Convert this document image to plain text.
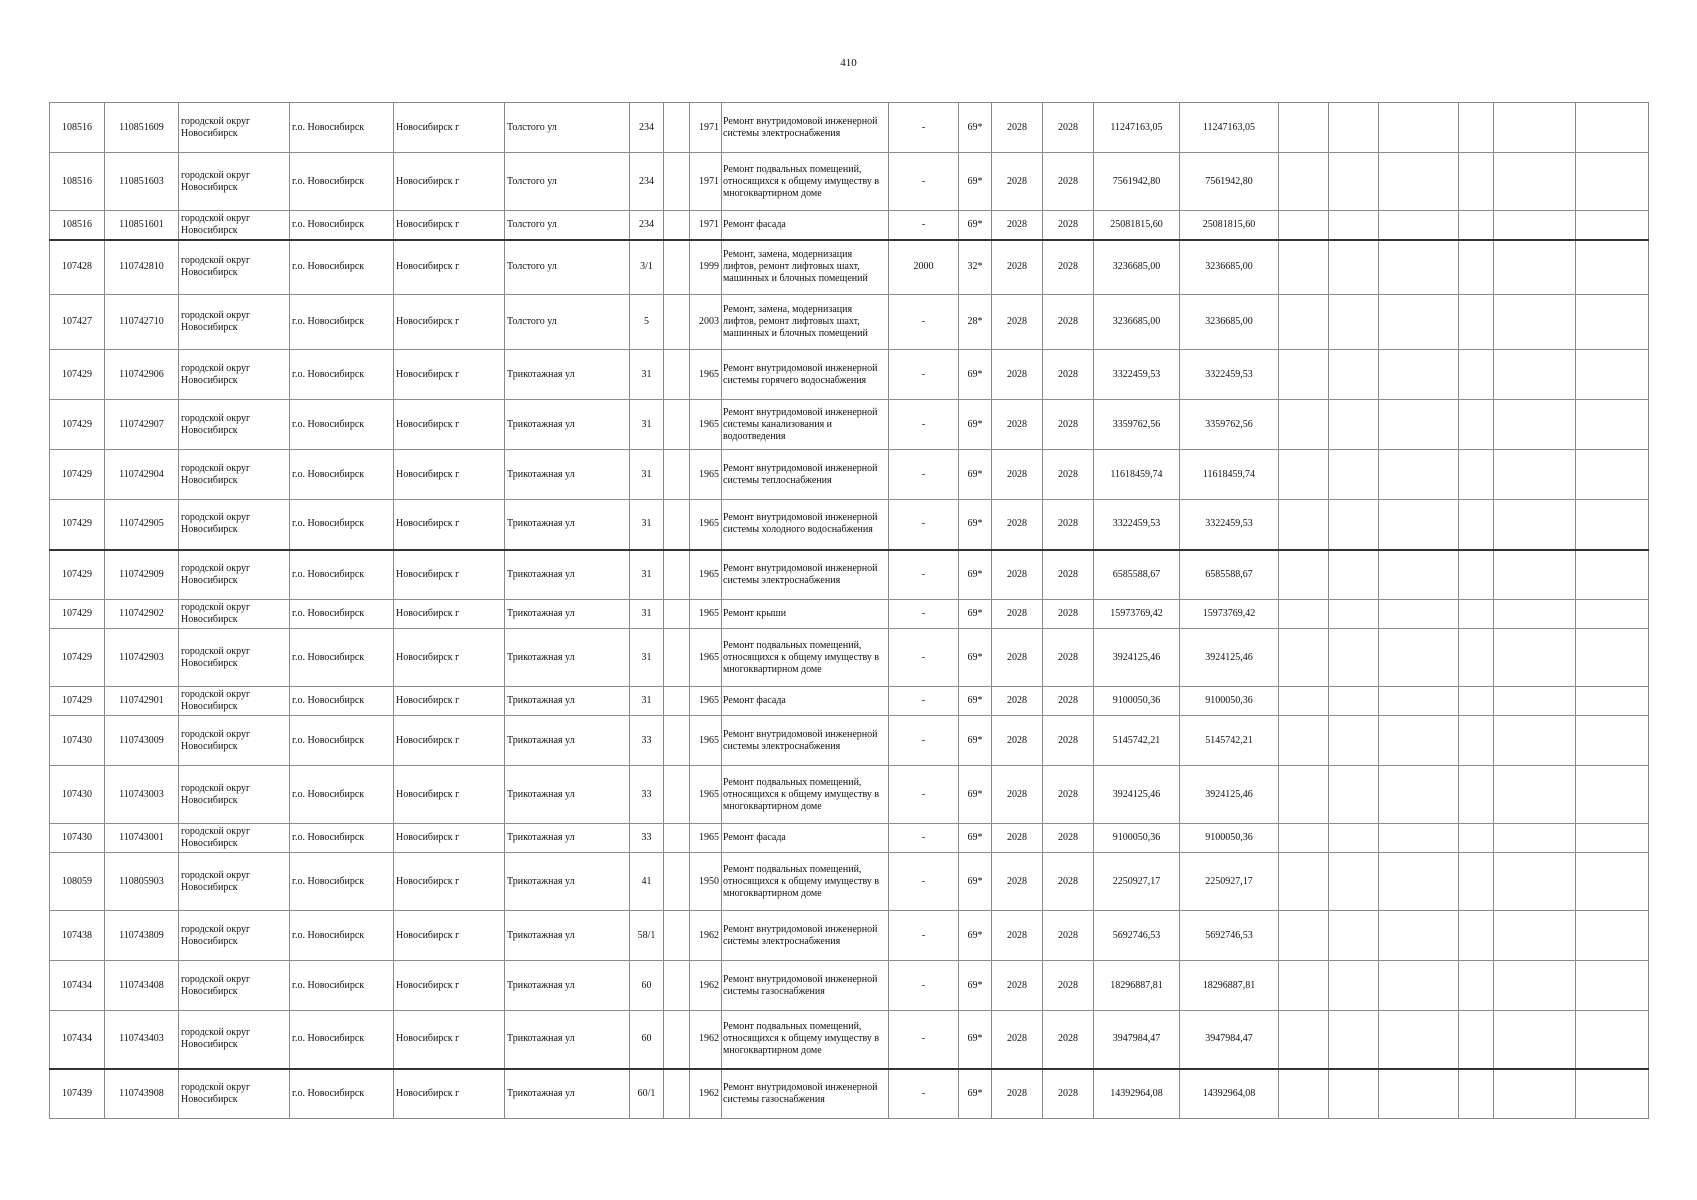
410
108516	110851609	городской округ Новосибирск	г.о. Новосибирск	Новосибирск г	Толстого ул	234		1971	Ремонт внутридомовой инженерной системы электроснабжения	-	69*	2028	2028	11247163,05	11247163,05						
108516	110851603	городской округ Новосибирск	г.о. Новосибирск	Новосибирск г	Толстого ул	234		1971	Ремонт подвальных помещений, относящихся к общему имуществу в многоквартирном доме	-	69*	2028	2028	7561942,80	7561942,80						
108516	110851601	городской округ Новосибирск	г.о. Новосибирск	Новосибирск г	Толстого ул	234		1971	Ремонт фасада	-	69*	2028	2028	25081815,60	25081815,60						
107428	110742810	городской округ Новосибирск	г.о. Новосибирск	Новосибирск г	Толстого ул	3/1		1999	Ремонт, замена, модернизация лифтов, ремонт лифтовых шахт, машинных и блочных помещений	2000	32*	2028	2028	3236685,00	3236685,00						
107427	110742710	городской округ Новосибирск	г.о. Новосибирск	Новосибирск г	Толстого ул	5		2003	Ремонт, замена, модернизация лифтов, ремонт лифтовых шахт, машинных и блочных помещений	-	28*	2028	2028	3236685,00	3236685,00						
107429	110742906	городской округ Новосибирск	г.о. Новосибирск	Новосибирск г	Трикотажная ул	31		1965	Ремонт внутридомовой инженерной системы горячего водоснабжения	-	69*	2028	2028	3322459,53	3322459,53						
107429	110742907	городской округ Новосибирск	г.о. Новосибирск	Новосибирск г	Трикотажная ул	31		1965	Ремонт внутридомовой инженерной системы канализования и водоотведения	-	69*	2028	2028	3359762,56	3359762,56						
107429	110742904	городской округ Новосибирск	г.о. Новосибирск	Новосибирск г	Трикотажная ул	31		1965	Ремонт внутридомовой инженерной системы теплоснабжения	-	69*	2028	2028	11618459,74	11618459,74						
107429	110742905	городской округ Новосибирск	г.о. Новосибирск	Новосибирск г	Трикотажная ул	31		1965	Ремонт внутридомовой инженерной системы холодного водоснабжения	-	69*	2028	2028	3322459,53	3322459,53						
107429	110742909	городской округ Новосибирск	г.о. Новосибирск	Новосибирск г	Трикотажная ул	31		1965	Ремонт внутридомовой инженерной системы электроснабжения	-	69*	2028	2028	6585588,67	6585588,67						
107429	110742902	городской округ Новосибирск	г.о. Новосибирск	Новосибирск г	Трикотажная ул	31		1965	Ремонт крыши	-	69*	2028	2028	15973769,42	15973769,42						
107429	110742903	городской округ Новосибирск	г.о. Новосибирск	Новосибирск г	Трикотажная ул	31		1965	Ремонт подвальных помещений, относящихся к общему имуществу в многоквартирном доме	-	69*	2028	2028	3924125,46	3924125,46						
107429	110742901	городской округ Новосибирск	г.о. Новосибирск	Новосибирск г	Трикотажная ул	31		1965	Ремонт фасада	-	69*	2028	2028	9100050,36	9100050,36						
107430	110743009	городской округ Новосибирск	г.о. Новосибирск	Новосибирск г	Трикотажная ул	33		1965	Ремонт внутридомовой инженерной системы электроснабжения	-	69*	2028	2028	5145742,21	5145742,21						
107430	110743003	городской округ Новосибирск	г.о. Новосибирск	Новосибирск г	Трикотажная ул	33		1965	Ремонт подвальных помещений, относящихся к общему имуществу в многоквартирном доме	-	69*	2028	2028	3924125,46	3924125,46						
107430	110743001	городской округ Новосибирск	г.о. Новосибирск	Новосибирск г	Трикотажная ул	33		1965	Ремонт фасада	-	69*	2028	2028	9100050,36	9100050,36						
108059	110805903	городской округ Новосибирск	г.о. Новосибирск	Новосибирск г	Трикотажная ул	41		1950	Ремонт подвальных помещений, относящихся к общему имуществу в многоквартирном доме	-	69*	2028	2028	2250927,17	2250927,17						
107438	110743809	городской округ Новосибирск	г.о. Новосибирск	Новосибирск г	Трикотажная ул	58/1		1962	Ремонт внутридомовой инженерной системы электроснабжения	-	69*	2028	2028	5692746,53	5692746,53						
107434	110743408	городской округ Новосибирск	г.о. Новосибирск	Новосибирск г	Трикотажная ул	60		1962	Ремонт внутридомовой инженерной системы газоснабжения	-	69*	2028	2028	18296887,81	18296887,81						
107434	110743403	городской округ Новосибирск	г.о. Новосибирск	Новосибирск г	Трикотажная ул	60		1962	Ремонт подвальных помещений, относящихся к общему имуществу в многоквартирном доме	-	69*	2028	2028	3947984,47	3947984,47						
107439	110743908	городской округ Новосибирск	г.о. Новосибирск	Новосибирск г	Трикотажная ул	60/1		1962	Ремонт внутридомовой инженерной системы газоснабжения	-	69*	2028	2028	14392964,08	14392964,08						
